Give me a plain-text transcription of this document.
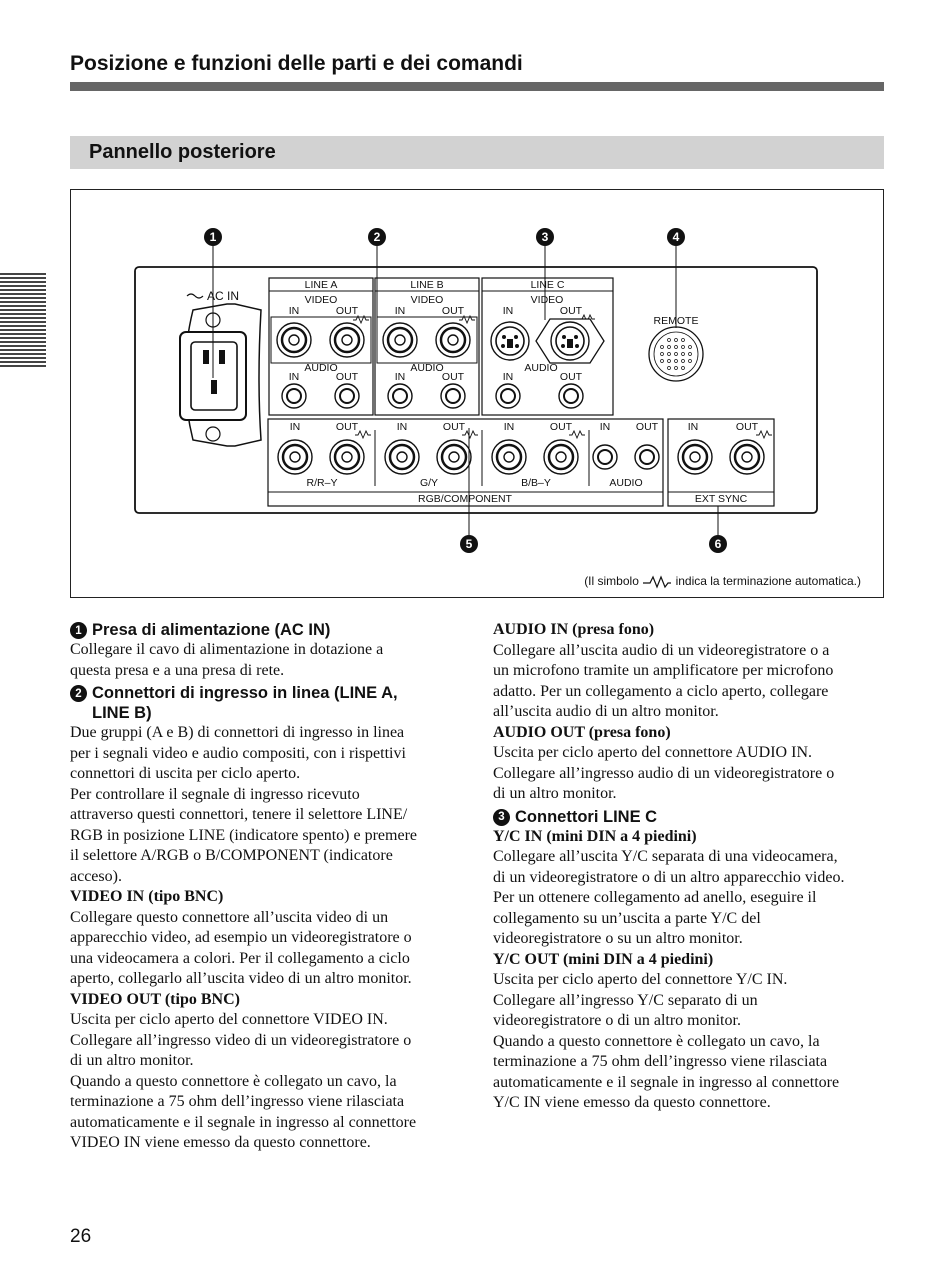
Posizione e funzioni delle parti e dei comandi
Pannello posteriore
AC IN
LINE A	LINE B	LINE C
VIDEO
IN	OUT
AUDIO
IN	OUT
VIDEO
IN	OUT
AUDIO
IN	OUT
VIDEO
IN	OUT
AUDIO
IN	OUT
REMOTE
RGB/COMPONENT
IN	OUT
R/R–Y
IN	OUT
G/Y
IN	OUT
B/B–Y
IN OUT
AUDIO
EXT SYNC
IN	OUT
1	2	3	4
5	6
(Il simbolo	indica la terminazione automatica.)
1 Presa di alimentazione (AC IN)
Collegare il cavo di alimentazione in dotazione a
questa presa e a una presa di rete.
2 Connettori di ingresso in linea (LINE A,
LINE B)
Due gruppi (A e B) di connettori di ingresso in linea
per i segnali video e audio compositi, con i rispettivi
connettori di uscita per ciclo aperto.
Per controllare il segnale di ingresso ricevuto
attraverso questi connettori, tenere il selettore LINE/
RGB in posizione LINE (indicatore spento) e premere
il selettore A/RGB o B/COMPONENT (indicatore
acceso).
VIDEO IN (tipo BNC)
Collegare questo connettore all’uscita video di un
apparecchio video, ad esempio un videoregistratore o
una videocamera a colori. Per il collegamento a ciclo
aperto, collegarlo all’uscita video di un altro monitor.
VIDEO OUT (tipo BNC)
Uscita per ciclo aperto del connettore VIDEO IN.
Collegare all’ingresso video di un videoregistratore o
di un altro monitor.
Quando a questo connettore è collegato un cavo, la
terminazione a 75 ohm dell’ingresso viene rilasciata
automaticamente e il segnale in ingresso al connettore
VIDEO IN viene emesso da questo connettore.
AUDIO IN (presa fono)
Collegare all’uscita audio di un videoregistratore o a
un microfono tramite un amplificatore per microfono
adatto. Per un collegamento a ciclo aperto, collegare
all’uscita audio di un altro monitor.
AUDIO OUT (presa fono)
Uscita per ciclo aperto del connettore AUDIO IN.
Collegare all’ingresso audio di un videoregistratore o
di un altro monitor.
3 Connettori LINE C
Y/C IN (mini DIN a 4 piedini)
Collegare all’uscita Y/C separata di una videocamera,
di un videoregistratore o di un altro apparecchio video.
Per un ottenere collegamento ad anello, eseguire il
collegamento su un’uscita a parte Y/C del
videoregistratore o su un altro monitor.
Y/C OUT (mini DIN a 4 piedini)
Uscita per ciclo aperto del connettore Y/C IN.
Collegare all’ingresso Y/C separato di un
videoregistratore o di un altro monitor.
Quando a questo connettore è collegato un cavo, la
terminazione a 75 ohm dell’ingresso viene rilasciata
automaticamente e il segnale in ingresso al connettore
Y/C IN viene emesso da questo connettore.
26
